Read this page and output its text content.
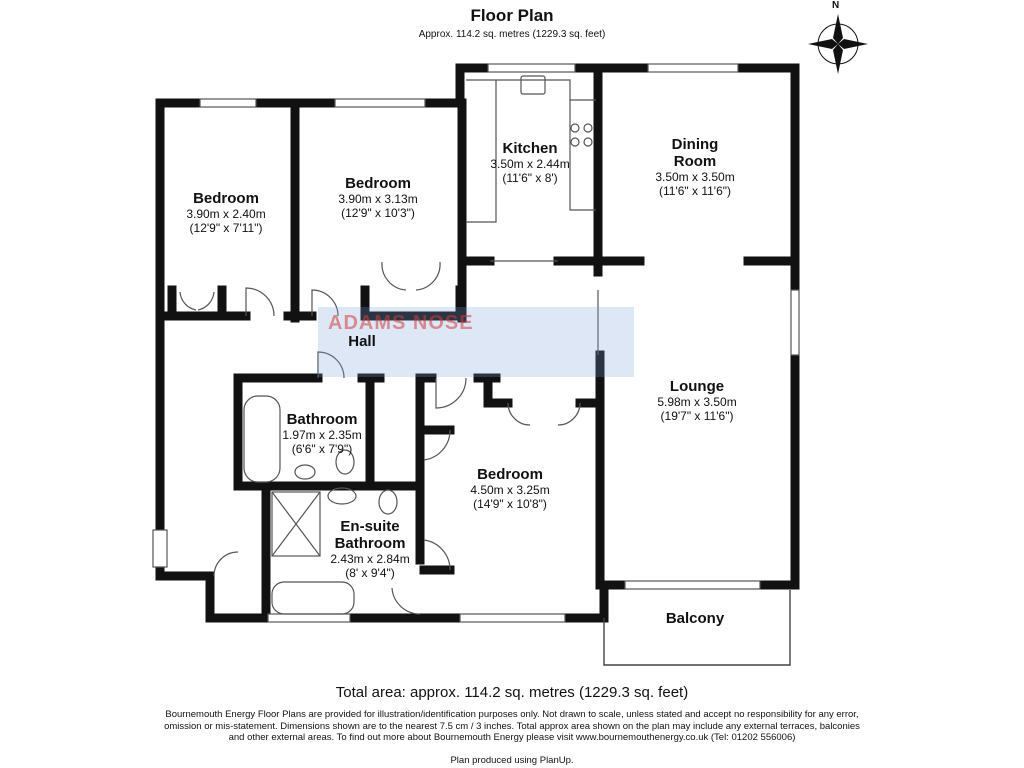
ADAMS NOSE
Floor Plan
Approx. 114.2 sq. metres (1229.3 sq. feet)
N
Bedroom
3.90m x 2.40m
(12'9" x 7'11")
Bedroom
3.90m x 3.13m
(12'9" x 10'3")
Kitchen
3.50m x 2.44m
(11'6" x 8')
Dining
Room
3.50m x 3.50m
(11'6" x 11'6")
Hall
Bathroom
1.97m x 2.35m
(6'6" x 7'9")
Bedroom
4.50m x 3.25m
(14'9" x 10'8")
En-suite
Bathroom
2.43m x 2.84m
(8' x 9'4")
Lounge
5.98m x 3.50m
(19'7" x 11'6")
Balcony
Total area: approx. 114.2 sq. metres (1229.3 sq. feet)
Bournemouth Energy Floor Plans are provided for illustration/identification purposes only. Not drawn to scale, unless stated and accept no responsibility for any error, omission or mis-statement. Dimensions shown are to the nearest 7.5 cm / 3 inches. Total approx area shown on the plan may include any external terraces, balconies and other external areas. To find out more about Bournemouth Energy please visit www.bournemouthenergy.co.uk (Tel: 01202 556006)
Plan produced using PlanUp.
